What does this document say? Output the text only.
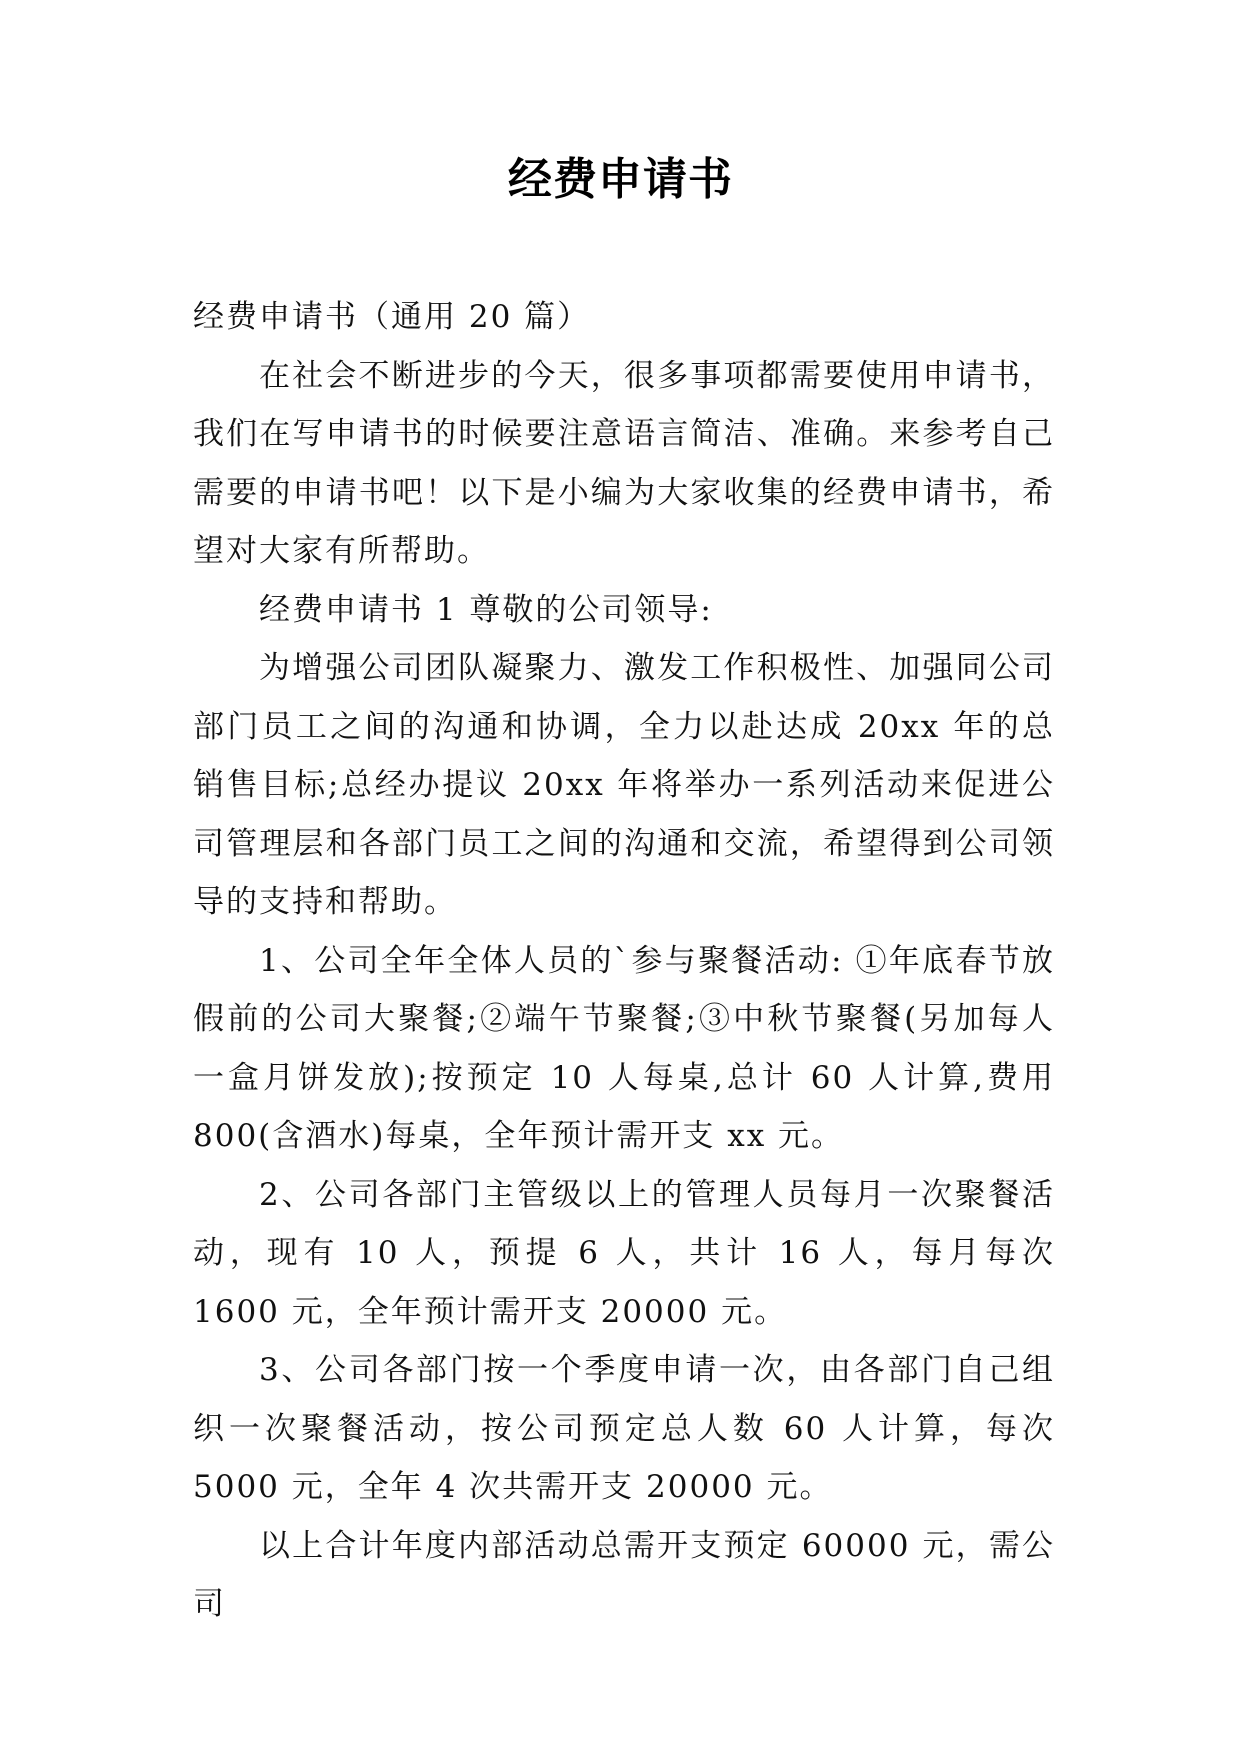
经费申请书

经费申请书（通用 20 篇）

在社会不断进步的今天，很多事项都需要使用申请书，我们在写申请书的时候要注意语言简洁、准确。来参考自己需要的申请书吧！以下是小编为大家收集的经费申请书，希望对大家有所帮助。

经费申请书 1 尊敬的公司领导:

为增强公司团队凝聚力、激发工作积极性、加强同公司部门员工之间的沟通和协调，全力以赴达成 20xx 年的总销售目标;总经办提议 20xx 年将举办一系列活动来促进公司管理层和各部门员工之间的沟通和交流，希望得到公司领导的支持和帮助。

1、公司全年全体人员的`参与聚餐活动: ①年底春节放假前的公司大聚餐;②端午节聚餐;③中秋节聚餐(另加每人一盒月饼发放);按预定 10 人每桌,总计 60 人计算,费用 800(含酒水)每桌，全年预计需开支 xx 元。

2、公司各部门主管级以上的管理人员每月一次聚餐活动，现有 10 人，预提 6 人，共计 16 人，每月每次 1600 元，全年预计需开支 20000 元。

3、公司各部门按一个季度申请一次，由各部门自己组织一次聚餐活动，按公司预定总人数 60 人计算，每次 5000 元，全年 4 次共需开支 20000 元。

以上合计年度内部活动总需开支预定 60000 元，需公司
